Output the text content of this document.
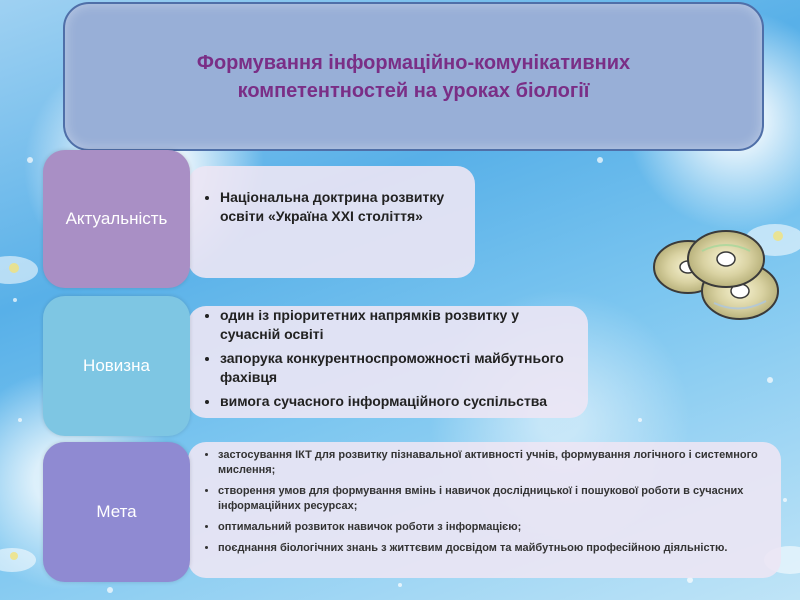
Формування інформаційно-комунікативних компетентностей на уроках біології
Актуальність
• Національна доктрина розвитку освіти «Україна ХХІ століття»
Новизна
• один із пріоритетних напрямків розвитку у сучасній освіті
• запорука конкурентноспроможності майбутнього фахівця
• вимога сучасного інформаційного суспільства
Мета
• застосування ІКТ для розвитку пізнавальної активності учнів, формування логічного і системного мислення;
• створення умов для формування вмінь і навичок дослідницької і пошукової роботи в сучасних інформаційних ресурсах;
• оптимальний розвиток навичок роботи з інформацією;
• поєднання біологічних знань з життєвим досвідом та майбутньою професійною діяльністю.
